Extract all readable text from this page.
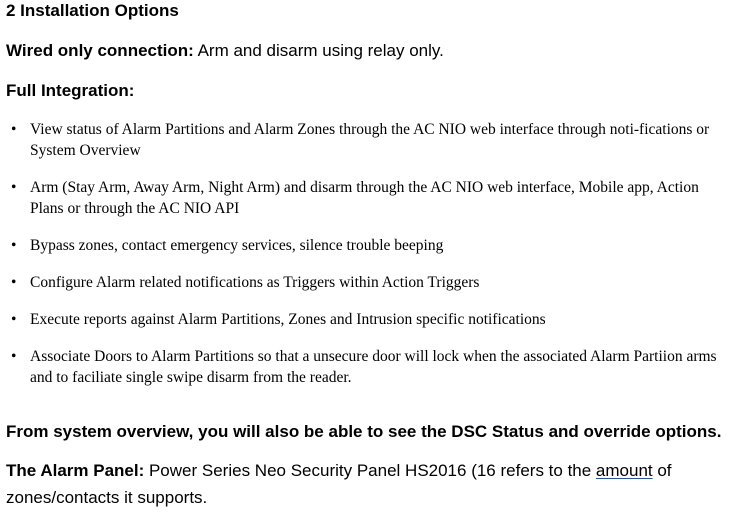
2 Installation Options

Wired only connection: Arm and disarm using relay only.

Full Integration:

• View status of Alarm Partitions and Alarm Zones through the AC NIO web interface through noti-fications or System Overview
• Arm (Stay Arm, Away Arm, Night Arm) and disarm through the AC NIO web interface, Mobile app, Action Plans or through the AC NIO API
• Bypass zones, contact emergency services, silence trouble beeping
• Configure Alarm related notifications as Triggers within Action Triggers
• Execute reports against Alarm Partitions, Zones and Intrusion specific notifications
• Associate Doors to Alarm Partitions so that a unsecure door will lock when the associated Alarm Partiion arms and to faciliate single swipe disarm from the reader.

From system overview, you will also be able to see the DSC Status and override options.

The Alarm Panel: Power Series Neo Security Panel HS2016 (16 refers to the amount of zones/contacts it supports.
